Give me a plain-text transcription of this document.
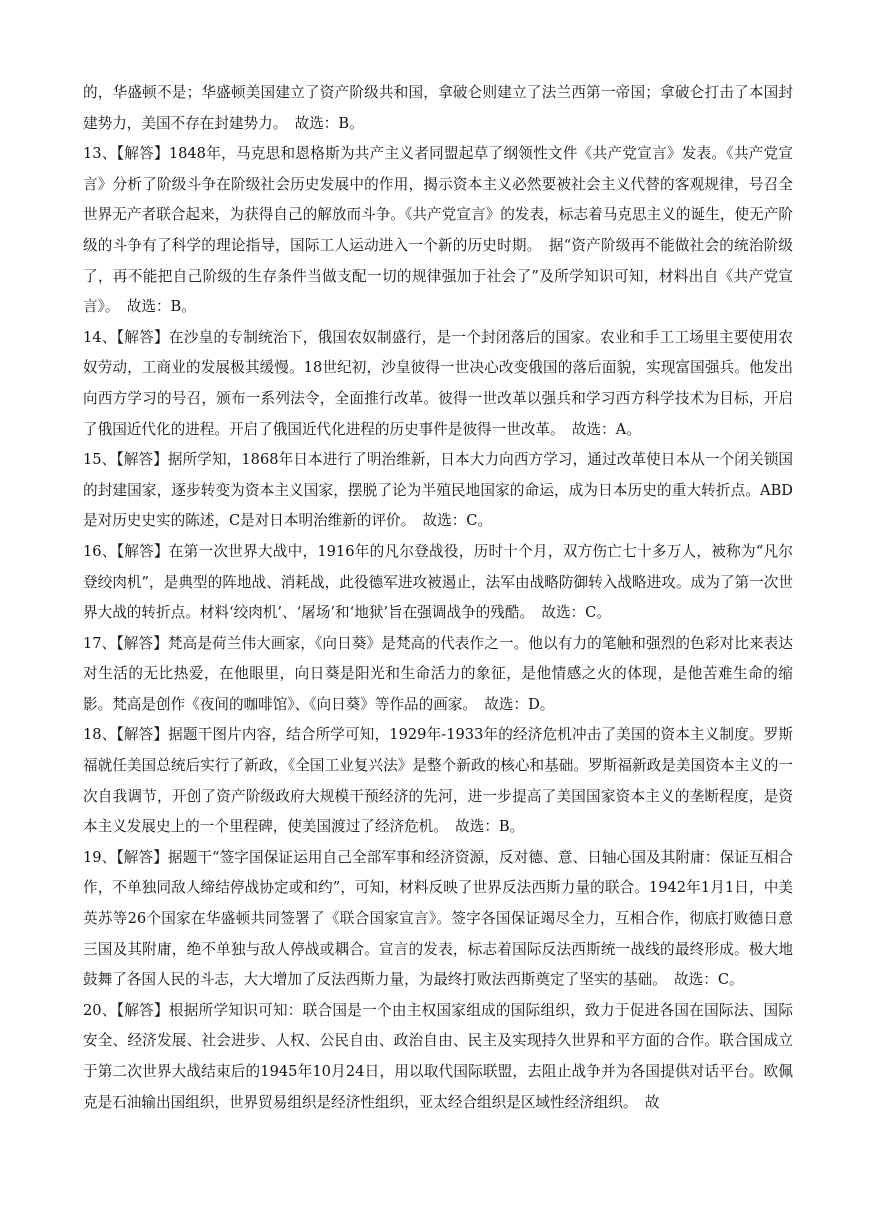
的，华盛顿不是；华盛顿美国建立了资产阶级共和国，拿破仑则建立了法兰西第一帝国；拿破仑打击了本国封建势力，美国不存在封建势力。　故选：B。

13、【解答】1848年，马克思和恩格斯为共产主义者同盟起草了纲领性文件《共产党宣言》发表。《共产党宣言》分析了阶级斗争在阶级社会历史发展中的作用，揭示资本主义必然要被社会主义代替的客观规律，号召全世界无产者联合起来，为获得自己的解放而斗争。《共产党宣言》的发表，标志着马克思主义的诞生，使无产阶级的斗争有了科学的理论指导，国际工人运动进入一个新的历史时期。　据“资产阶级再不能做社会的统治阶级了，再不能把自己阶级的生存条件当做支配一切的规律强加于社会了”及所学知识可知，材料出自《共产党宣言》。　故选：B。

14、【解答】在沙皇的专制统治下，俄国农奴制盛行，是一个封闭落后的国家。农业和手工工场里主要使用农奴劳动，工商业的发展极其缓慢。18世纪初，沙皇彼得一世决心改变俄国的落后面貌，实现富国强兵。他发出向西方学习的号召，颁布一系列法令，全面推行改革。彼得一世改革以强兵和学习西方科学技术为目标，开启了俄国近代化的进程。开启了俄国近代化进程的历史事件是彼得一世改革。　故选：A。

15、【解答】据所学知，1868年日本进行了明治维新，日本大力向西方学习，通过改革使日本从一个闭关锁国的封建国家，逐步转变为资本主义国家，摆脱了论为半殖民地国家的命运，成为日本历史的重大转折点。ABD是对历史史实的陈述，C是对日本明治维新的评价。　故选：C。

16、【解答】在第一次世界大战中，1916年的凡尔登战役，历时十个月，双方伤亡七十多万人，被称为“凡尔登绞肉机”，是典型的阵地战、消耗战，此役德军进攻被遏止，法军由战略防御转入战略进攻。成为了第一次世界大战的转折点。材料‘绞肉机’、‘屠场’和‘地狱’旨在强调战争的残酷。　故选：C。

17、【解答】梵高是荷兰伟大画家，《向日葵》是梵高的代表作之一。他以有力的笔触和强烈的色彩对比来表达对生活的无比热爱，在他眼里，向日葵是阳光和生命活力的象征，是他情感之火的体现，是他苦难生命的缩影。梵高是创作《夜间的咖啡馆》、《向日葵》等作品的画家。　故选：D。

18、【解答】据题干图片内容，结合所学可知，1929年-1933年的经济危机冲击了美国的资本主义制度。罗斯福就任美国总统后实行了新政，《全国工业复兴法》是整个新政的核心和基础。罗斯福新政是美国资本主义的一次自我调节，开创了资产阶级政府大规模干预经济的先河，进一步提高了美国国家资本主义的垄断程度，是资本主义发展史上的一个里程碑，使美国渡过了经济危机。　故选：B。

19、【解答】据题干“签字国保证运用自己全部军事和经济资源，反对德、意、日轴心国及其附庸：保证互相合作，不单独同敌人缔结停战协定或和约”，可知，材料反映了世界反法西斯力量的联合。1942年1月1日，中美英苏等26个国家在华盛顿共同签署了《联合国家宣言》。签字各国保证竭尽全力，互相合作，彻底打败德日意三国及其附庸，绝不单独与敌人停战或耦合。宣言的发表，标志着国际反法西斯统一战线的最终形成。极大地鼓舞了各国人民的斗志，大大增加了反法西斯力量，为最终打败法西斯奠定了坚实的基础。　故选：C。

20、【解答】根据所学知识可知：联合国是一个由主权国家组成的国际组织，致力于促进各国在国际法、国际安全、经济发展、社会进步、人权、公民自由、政治自由、民主及实现持久世界和平方面的合作。联合国成立于第二次世界大战结束后的1945年10月24日，用以取代国际联盟，去阻止战争并为各国提供对话平台。欧佩克是石油输出国组织，世界贸易组织是经济性组织，亚太经合组织是区域性经济组织。　故
